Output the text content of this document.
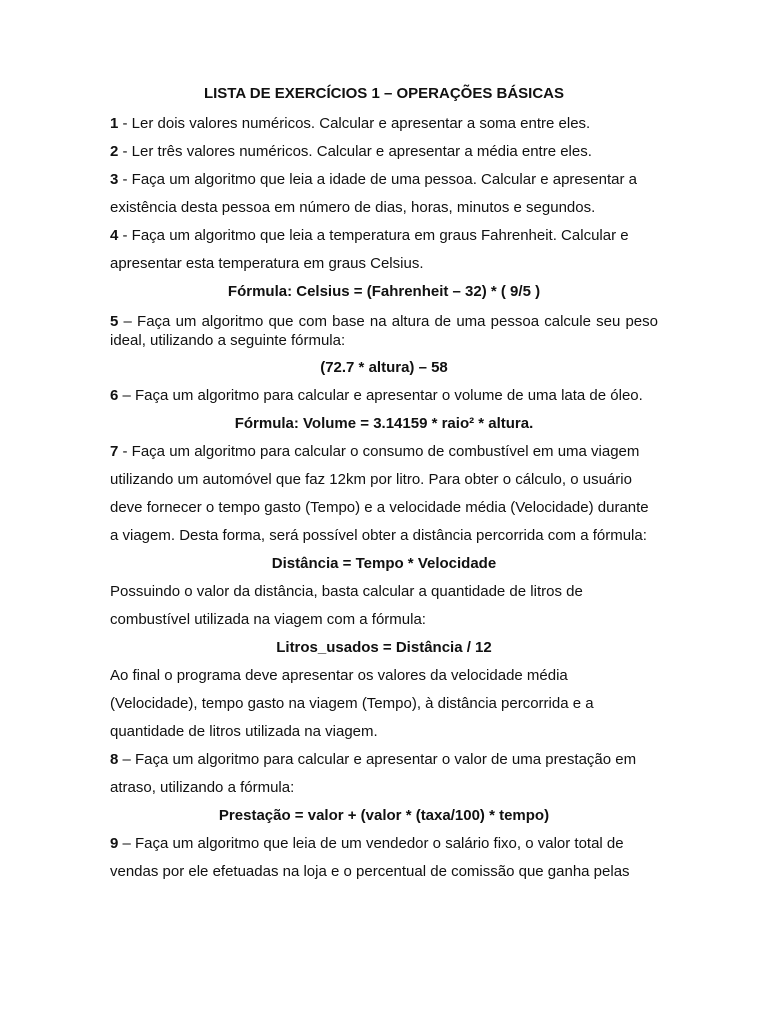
LISTA DE EXERCÍCIOS 1 – OPERAÇÕES BÁSICAS

1 - Ler dois valores numéricos. Calcular e apresentar a soma entre eles.

2 - Ler três valores numéricos. Calcular e apresentar a média entre eles.

3 - Faça um algoritmo que leia a idade de uma pessoa. Calcular e apresentar a existência desta pessoa em número de dias, horas, minutos e segundos.

4 - Faça um algoritmo que leia a temperatura em graus Fahrenheit. Calcular e apresentar esta temperatura em graus Celsius.

Fórmula: Celsius = (Fahrenheit – 32) * ( 9/5 )

5 – Faça um algoritmo que com base na altura de uma pessoa calcule seu peso ideal, utilizando a seguinte fórmula:

(72.7 * altura) – 58

6 – Faça um algoritmo para calcular e apresentar o volume de uma lata de óleo.

Fórmula: Volume = 3.14159 * raio² * altura.

7 - Faça um algoritmo para calcular o consumo de combustível em uma viagem utilizando um automóvel que faz 12km por litro. Para obter o cálculo, o usuário deve fornecer o tempo gasto (Tempo) e a velocidade média (Velocidade) durante a viagem. Desta forma, será possível obter a distância percorrida com a fórmula:

Distância = Tempo * Velocidade

Possuindo o valor da distância, basta calcular a quantidade de litros de combustível utilizada na viagem com a fórmula:

Litros_usados = Distância / 12

Ao final o programa deve apresentar os valores da velocidade média (Velocidade), tempo gasto na viagem (Tempo), à distância percorrida e a quantidade de litros utilizada na viagem.

8 – Faça um algoritmo para calcular e apresentar o valor de uma prestação em atraso, utilizando a fórmula:

Prestação = valor + (valor * (taxa/100) * tempo)

9 – Faça um algoritmo que leia de um vendedor o salário fixo, o valor total de vendas por ele efetuadas na loja e o percentual de comissão que ganha pelas
